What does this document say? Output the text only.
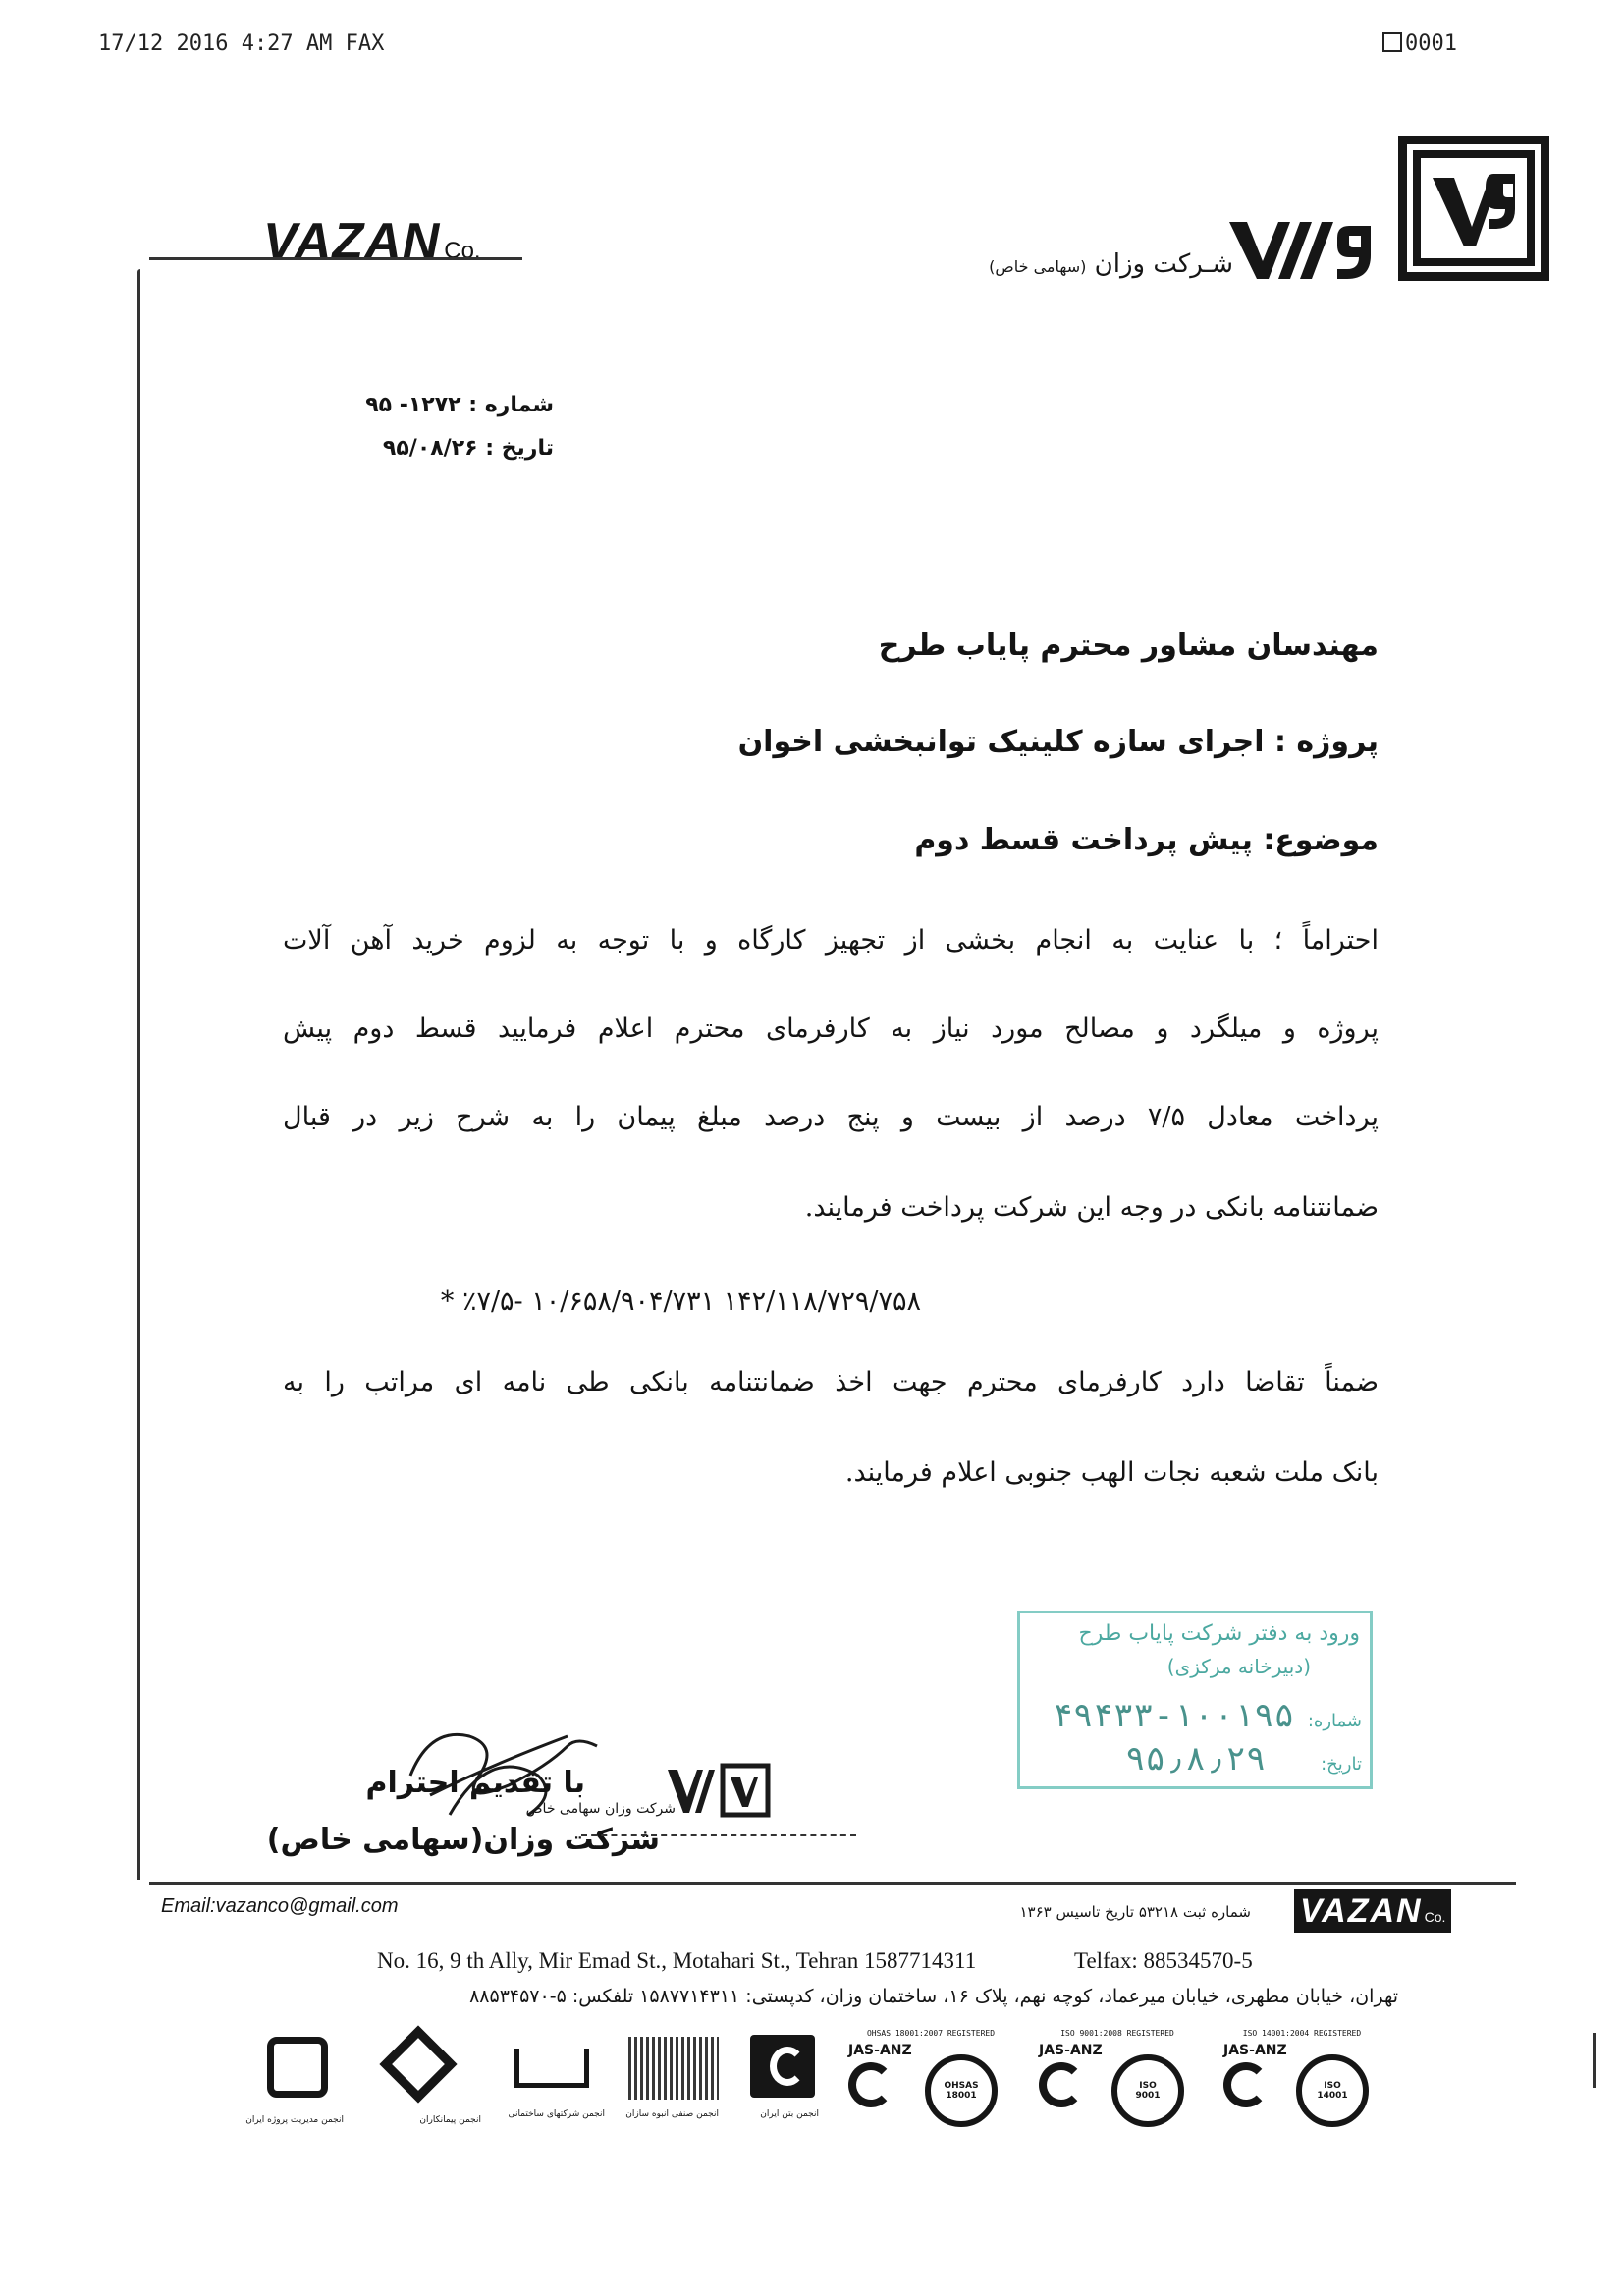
17/12 2016 4:27 AM FAX	0001
VAZAN Co.	شـرکت وزان (سهامی خاص)
شماره : ۱۲۷۲- ۹۵
تاریخ : ۹۵/۰۸/۲۶
مهندسان مشاور محترم پایاب طرح
پروژه : اجرای سازه کلینیک توانبخشی اخوان
موضوع: پیش پرداخت قسط دوم
احتراماً ؛ با عنایت به انجام بخشی از تجهیز کارگاه و با توجه به لزوم خرید آهن آلات
پروژه و میلگرد و مصالح مورد نیاز به کارفرمای محترم اعلام فرمایید قسط دوم پیش
پرداخت معادل ۷/۵ درصد از بیست و پنج درصد مبلغ پیمان را به شرح زیر در قبال
ضمانتنامه بانکی در وجه این شرکت پرداخت فرمایند.
۱۴۲/۱۱۸/۷۲۹/۷۵۸ ‎*‎ ٪۷/۵- ۱۰/۶۵۸/۹۰۴/۷۳۱
ضمناً تقاضا دارد کارفرمای محترم جهت اخذ ضمانتنامه بانکی طی نامه ای مراتب را به
بانک ملت شعبه نجات الهب جنوبی اعلام فرمایند.
ورود به دفتر شرکت پایاب طرح
(دبیرخانه مرکزی)
شماره: ۱۰۰۱۹۵-۴۹۴۳۳
تاریخ: ۹۵٫۸٫۲۹
با تقدیم احترام
شرکت وزان سهامی خاص
شرکت وزان(سهامی خاص)
Email:vazanco@gmail.com	شماره ثبت ۵۳۲۱۸ تاریخ تاسیس ۱۳۶۳ VAZAN Co.
No. 16, 9 th Ally, Mir Emad St., Motahari St., Tehran 1587714311	Telfax: 88534570-5
تهران، خیابان مطهری، خیابان میرعماد، کوچه نهم، پلاک ۱۶، ساختمان وزان، کدپستی: ۱۵۸۷۷۱۴۳۱۱ تلفکس: ۵-۸۸۵۳۴۵۷۰
ISO 14001:2004 REGISTERED
JAS-ANZ
ISO 14001
ISO 9001:2008 REGISTERED
JAS-ANZ
ISO 9001
OHSAS 18001:2007 REGISTERED
JAS-ANZ
OHSAS 18001
انجمن بتن ایران
انجمن صنفی انبوه سازان
انجمن شرکتهای ساختمانی
انجمن پیمانکاران
انجمن مدیریت پروژه ایران
